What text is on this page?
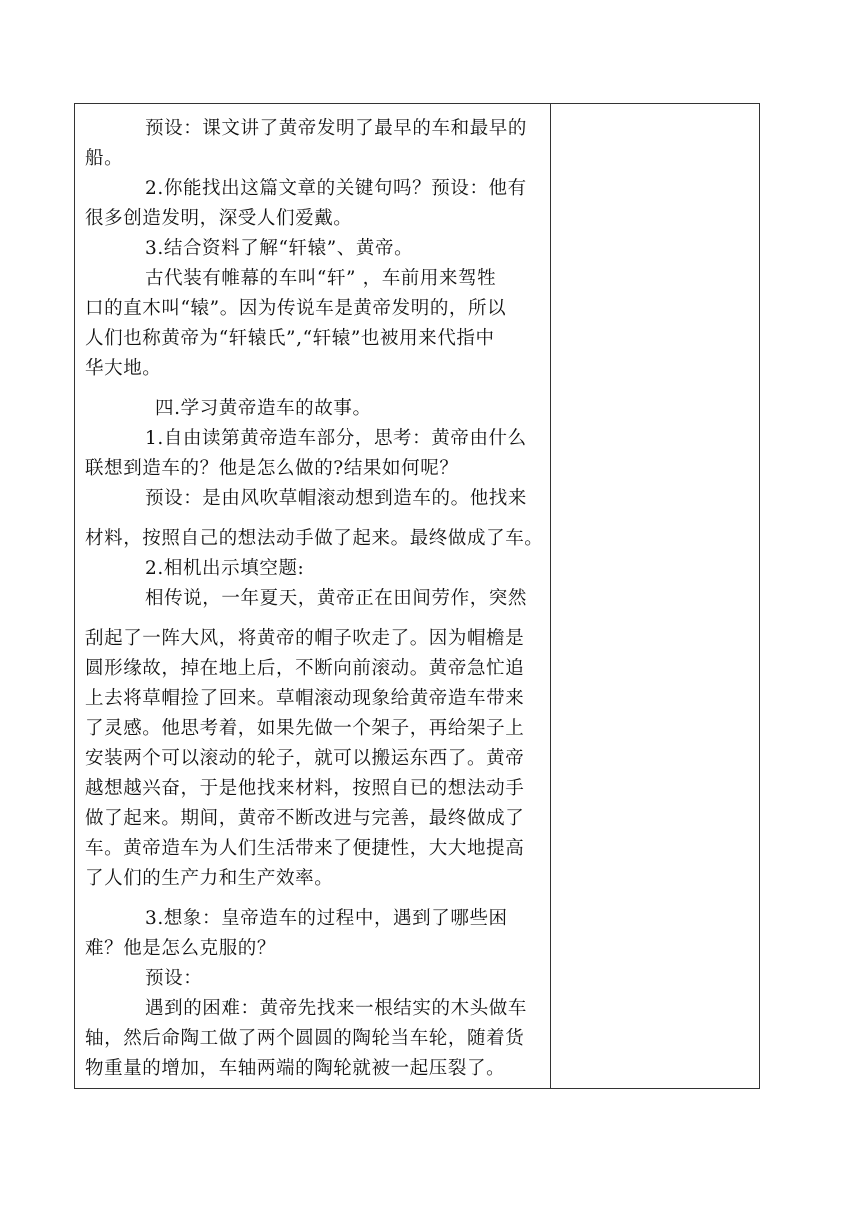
预设：课文讲了黄帝发明了最早的车和最早的
船。
2.你能找出这篇文章的关键句吗？预设：他有
很多创造发明，深受人们爱戴。
3.结合资料了解“轩辕”、黄帝。
古代装有帷幕的车叫“轩” ，车前用来驾牲
口的直木叫“辕”。因为传说车是黄帝发明的，所以
人们也称黄帝为“轩辕氏”,“轩辕”也被用来代指中
华大地。
四.学习黄帝造车的故事。
1.自由读第黄帝造车部分，思考：黄帝由什么
联想到造车的？他是怎么做的?结果如何呢？
预设：是由风吹草帽滚动想到造车的。他找来
材料，按照自己的想法动手做了起来。最终做成了车。
2.相机出示填空题:
相传说，一年夏天，黄帝正在田间劳作，突然
刮起了一阵大风，将黄帝的帽子吹走了。因为帽檐是
圆形缘故，掉在地上后，不断向前滚动。黄帝急忙追
上去将草帽捡了回来。草帽滚动现象给黄帝造车带来
了灵感。他思考着，如果先做一个架子，再给架子上
安装两个可以滚动的轮子，就可以搬运东西了。黄帝
越想越兴奋，于是他找来材料，按照自已的想法动手
做了起来。期间，黄帝不断改进与完善，最终做成了
车。黄帝造车为人们生活带来了便捷性，大大地提高
了人们的生产力和生产效率。
3.想象：皇帝造车的过程中，遇到了哪些困
难？他是怎么克服的？
预设：
遇到的困难：黄帝先找来一根结实的木头做车
轴，然后命陶工做了两个圆圆的陶轮当车轮，随着货
物重量的增加，车轴两端的陶轮就被一起压裂了。
